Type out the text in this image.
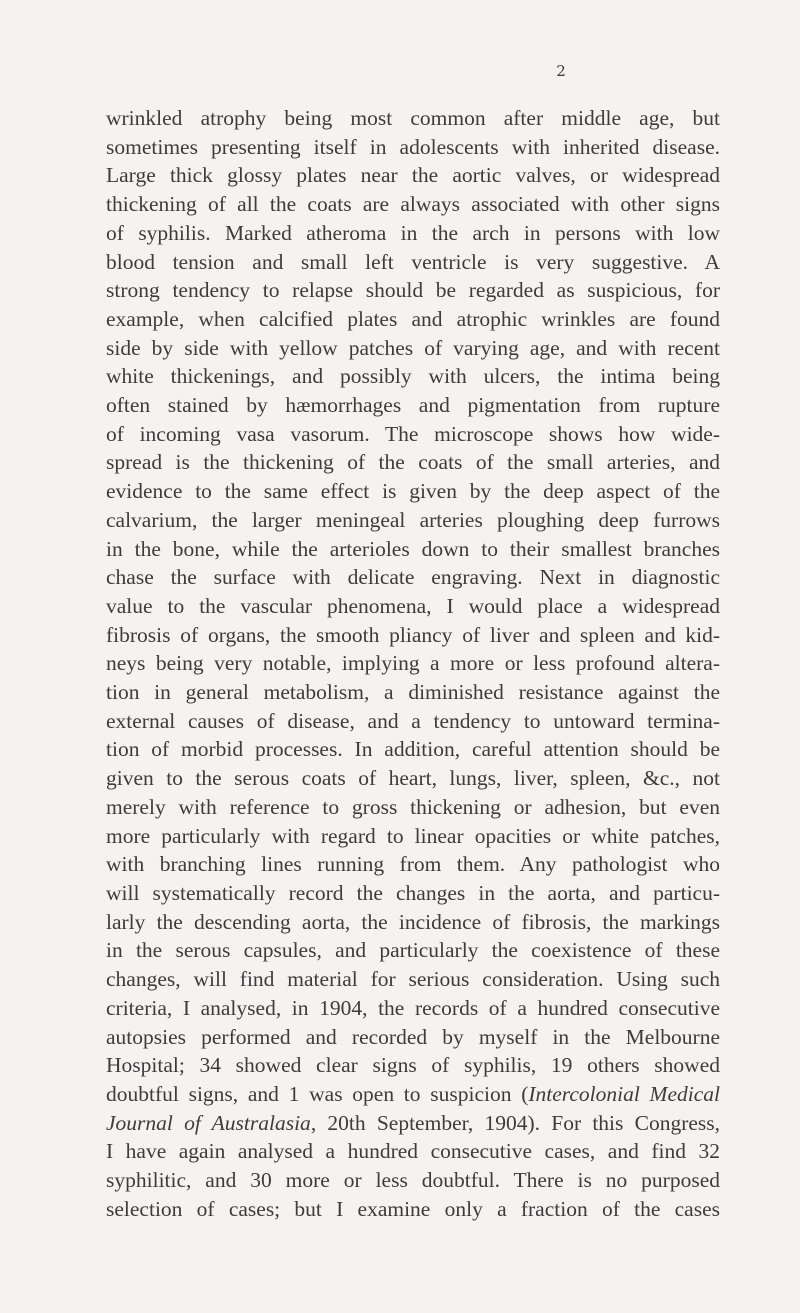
2
wrinkled atrophy being most common after middle age, but
sometimes presenting itself in adolescents with inherited disease.
Large thick glossy plates near the aortic valves, or widespread
thickening of all the coats are always associated with other signs
of syphilis. Marked atheroma in the arch in persons with low
blood tension and small left ventricle is very suggestive. A
strong tendency to relapse should be regarded as suspicious, for
example, when calcified plates and atrophic wrinkles are found
side by side with yellow patches of varying age, and with recent
white thickenings, and possibly with ulcers, the intima being
often stained by hæmorrhages and pigmentation from rupture
of incoming vasa vasorum. The microscope shows how wide-
spread is the thickening of the coats of the small arteries, and
evidence to the same effect is given by the deep aspect of the
calvarium, the larger meningeal arteries ploughing deep furrows
in the bone, while the arterioles down to their smallest branches
chase the surface with delicate engraving. Next in diagnostic
value to the vascular phenomena, I would place a widespread
fibrosis of organs, the smooth pliancy of liver and spleen and kid-
neys being very notable, implying a more or less profound altera-
tion in general metabolism, a diminished resistance against the
external causes of disease, and a tendency to untoward termina-
tion of morbid processes. In addition, careful attention should be
given to the serous coats of heart, lungs, liver, spleen, &c., not
merely with reference to gross thickening or adhesion, but even
more particularly with regard to linear opacities or white patches,
with branching lines running from them. Any pathologist who
will systematically record the changes in the aorta, and particu-
larly the descending aorta, the incidence of fibrosis, the markings
in the serous capsules, and particularly the coexistence of these
changes, will find material for serious consideration. Using such
criteria, I analysed, in 1904, the records of a hundred consecutive
autopsies performed and recorded by myself in the Melbourne
Hospital; 34 showed clear signs of syphilis, 19 others showed
doubtful signs, and 1 was open to suspicion (Intercolonial Medical
Journal of Australasia, 20th September, 1904). For this Congress,
I have again analysed a hundred consecutive cases, and find 32
syphilitic, and 30 more or less doubtful. There is no purposed
selection of cases; but I examine only a fraction of the cases
